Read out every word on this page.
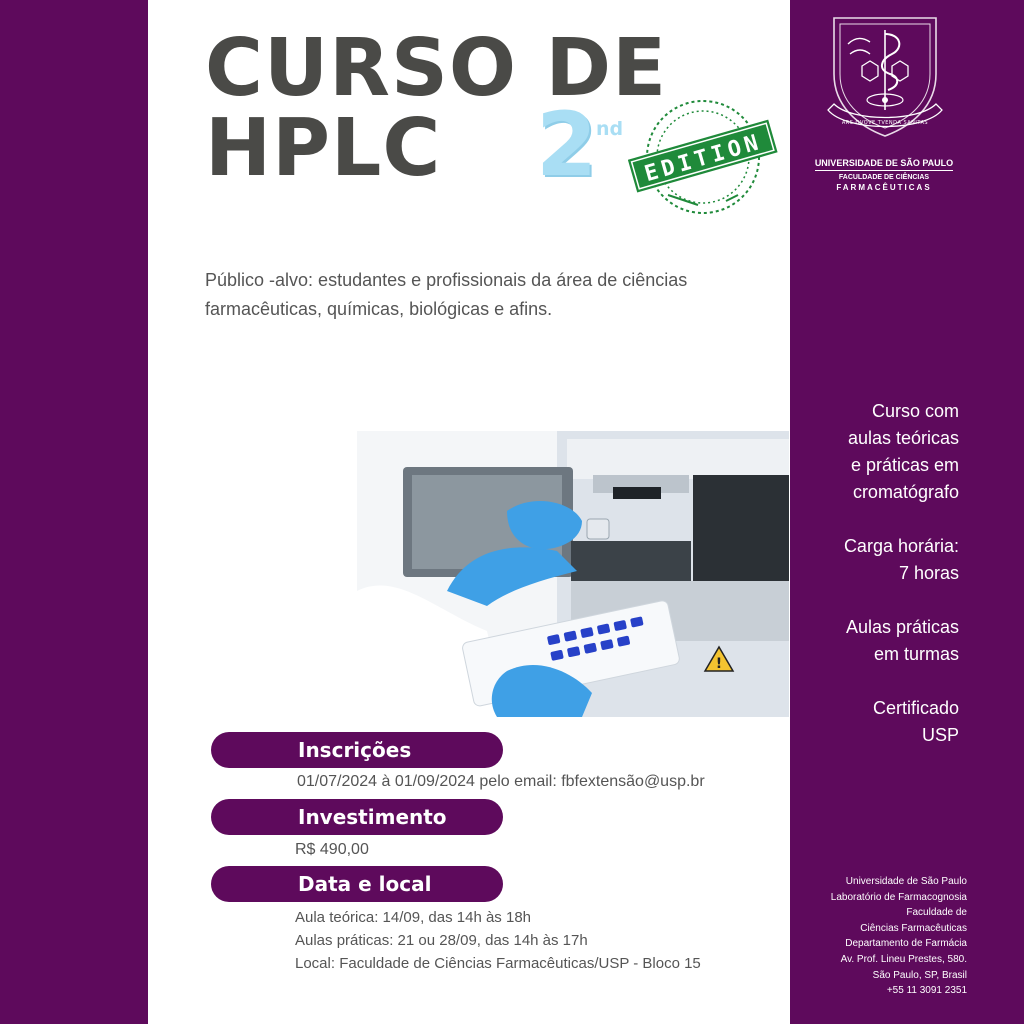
CURSO DE
HPLC	2
nd
EDITION

Público -alvo: estudantes e profissionais da área de ciências farmacêuticas, químicas, biológicas e afins.

!
Inscrições

01/07/2024 à 01/09/2024 pelo email: fbfextensão@usp.br

Investimento

R$ 490,00

Data e local
Aula teórica: 14/09, das 14h às 18h
Aulas práticas: 21 ou 28/09, das 14h às 17h
Local: Faculdade de Ciências Farmacêuticas/USP - Bloco 15
ARS QVOVE TVENDA SANITAS
UNIVERSIDADE DE SÃO PAULO
FACULDADE DE CIÊNCIAS
FARMACÊUTICAS
Curso com
aulas teóricas
e práticas em
cromatógrafo
Carga horária:
7 horas
Aulas práticas
em turmas
Certificado
USP
Universidade de São Paulo
Laboratório de Farmacognosia
Faculdade de
Ciências Farmacêuticas
Departamento de Farmácia
Av. Prof. Lineu Prestes, 580.
São Paulo, SP, Brasil
+55 11 3091 2351
